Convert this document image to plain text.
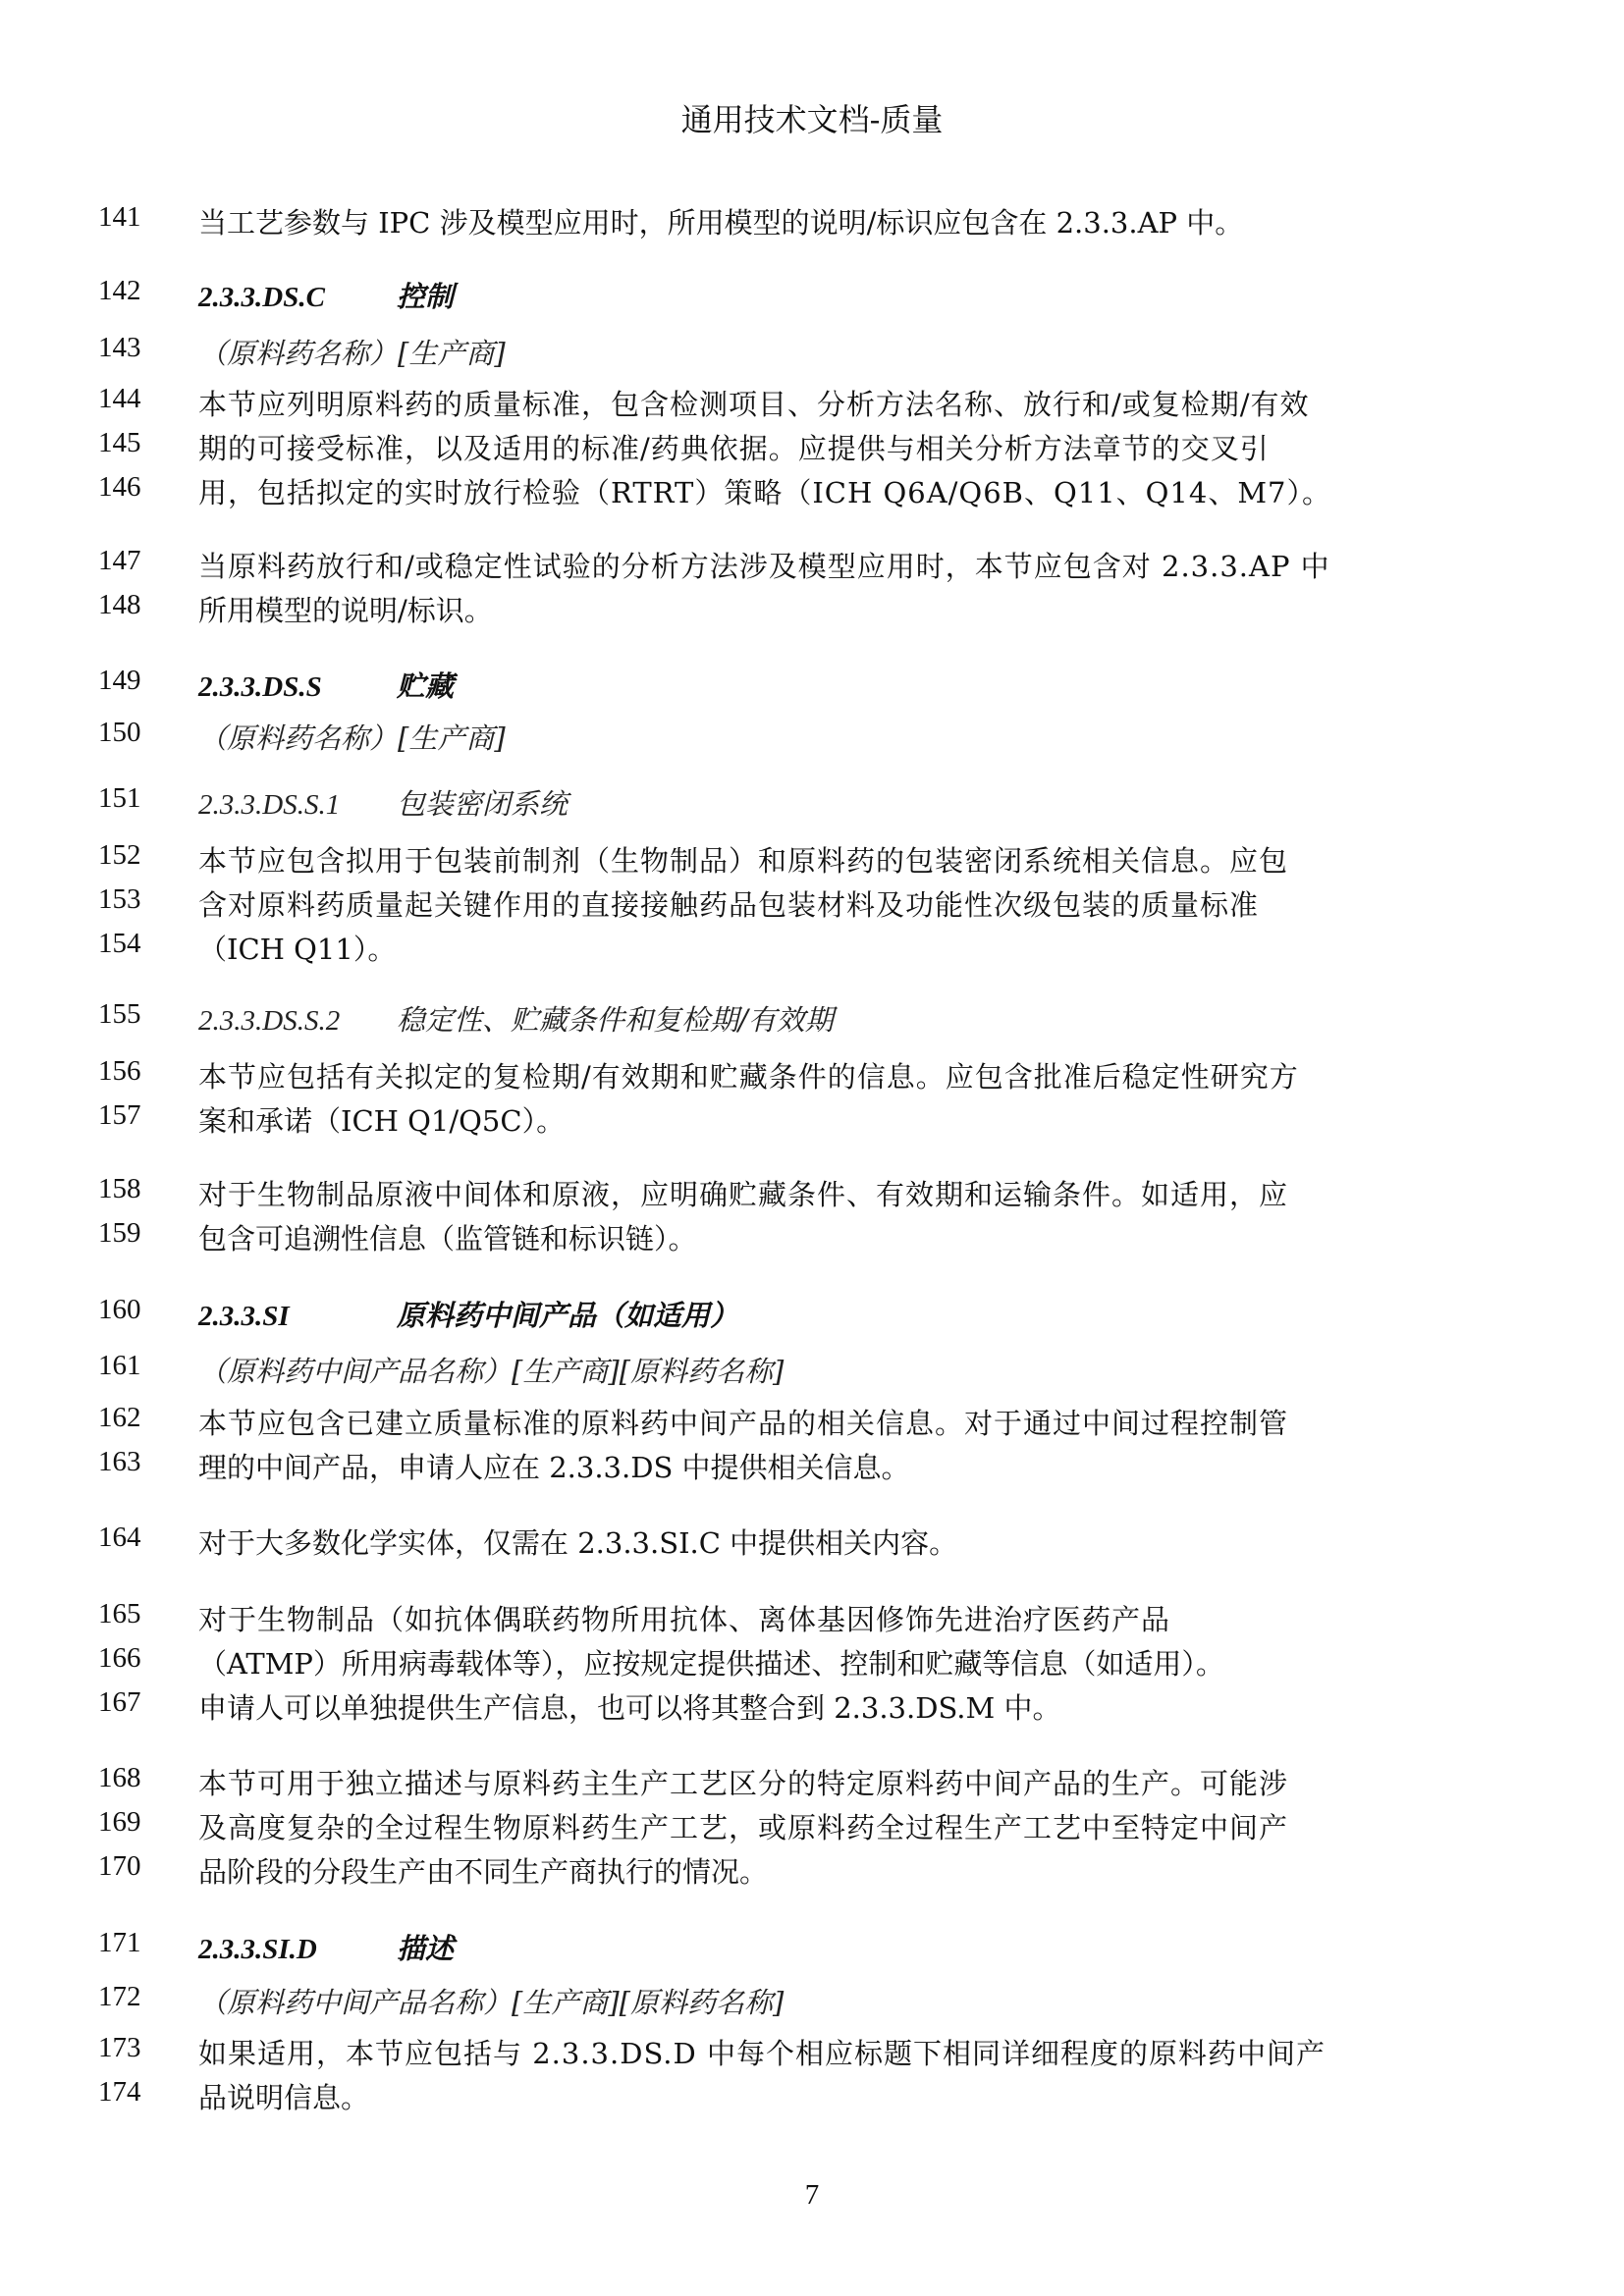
通用技术文档-质量
141	当工艺参数与 IPC 涉及模型应用时，所用模型的说明/标识应包含在 2.3.3.AP 中。
142	2.3.3.DS.C	控制
143	（原料药名称）[生产商]
144	本节应列明原料药的质量标准，包含检测项目、分析方法名称、放行和/或复检期/有效
145	期的可接受标准，以及适用的标准/药典依据。应提供与相关分析方法章节的交叉引
146	用，包括拟定的实时放行检验（RTRT）策略（ICH Q6A/Q6B、Q11、Q14、M7）。
147	当原料药放行和/或稳定性试验的分析方法涉及模型应用时，本节应包含对 2.3.3.AP 中
148	所用模型的说明/标识。
149	2.3.3.DS.S	贮藏
150	（原料药名称）[生产商]
151	2.3.3.DS.S.1 包装密闭系统
152	本节应包含拟用于包装前制剂（生物制品）和原料药的包装密闭系统相关信息。应包
153	含对原料药质量起关键作用的直接接触药品包装材料及功能性次级包装的质量标准
154	（ICH Q11）。
155	2.3.3.DS.S.2 稳定性、贮藏条件和复检期/有效期
156	本节应包括有关拟定的复检期/有效期和贮藏条件的信息。应包含批准后稳定性研究方
157	案和承诺（ICH Q1/Q5C）。
158	对于生物制品原液中间体和原液，应明确贮藏条件、有效期和运输条件。如适用，应
159	包含可追溯性信息（监管链和标识链）。
160	2.3.3.SI	原料药中间产品（如适用）
161	（原料药中间产品名称）[生产商][原料药名称]
162	本节应包含已建立质量标准的原料药中间产品的相关信息。对于通过中间过程控制管
163	理的中间产品，申请人应在 2.3.3.DS 中提供相关信息。
164	对于大多数化学实体，仅需在 2.3.3.SI.C 中提供相关内容。
165	对于生物制品（如抗体偶联药物所用抗体、离体基因修饰先进治疗医药产品
166	（ATMP）所用病毒载体等），应按规定提供描述、控制和贮藏等信息（如适用）。
167	申请人可以单独提供生产信息，也可以将其整合到 2.3.3.DS.M 中。
168	本节可用于独立描述与原料药主生产工艺区分的特定原料药中间产品的生产。可能涉
169	及高度复杂的全过程生物原料药生产工艺，或原料药全过程生产工艺中至特定中间产
170	品阶段的分段生产由不同生产商执行的情况。
171	2.3.3.SI.D	描述
172	（原料药中间产品名称）[生产商][原料药名称]
173	如果适用，本节应包括与 2.3.3.DS.D 中每个相应标题下相同详细程度的原料药中间产
174	品说明信息。
7
